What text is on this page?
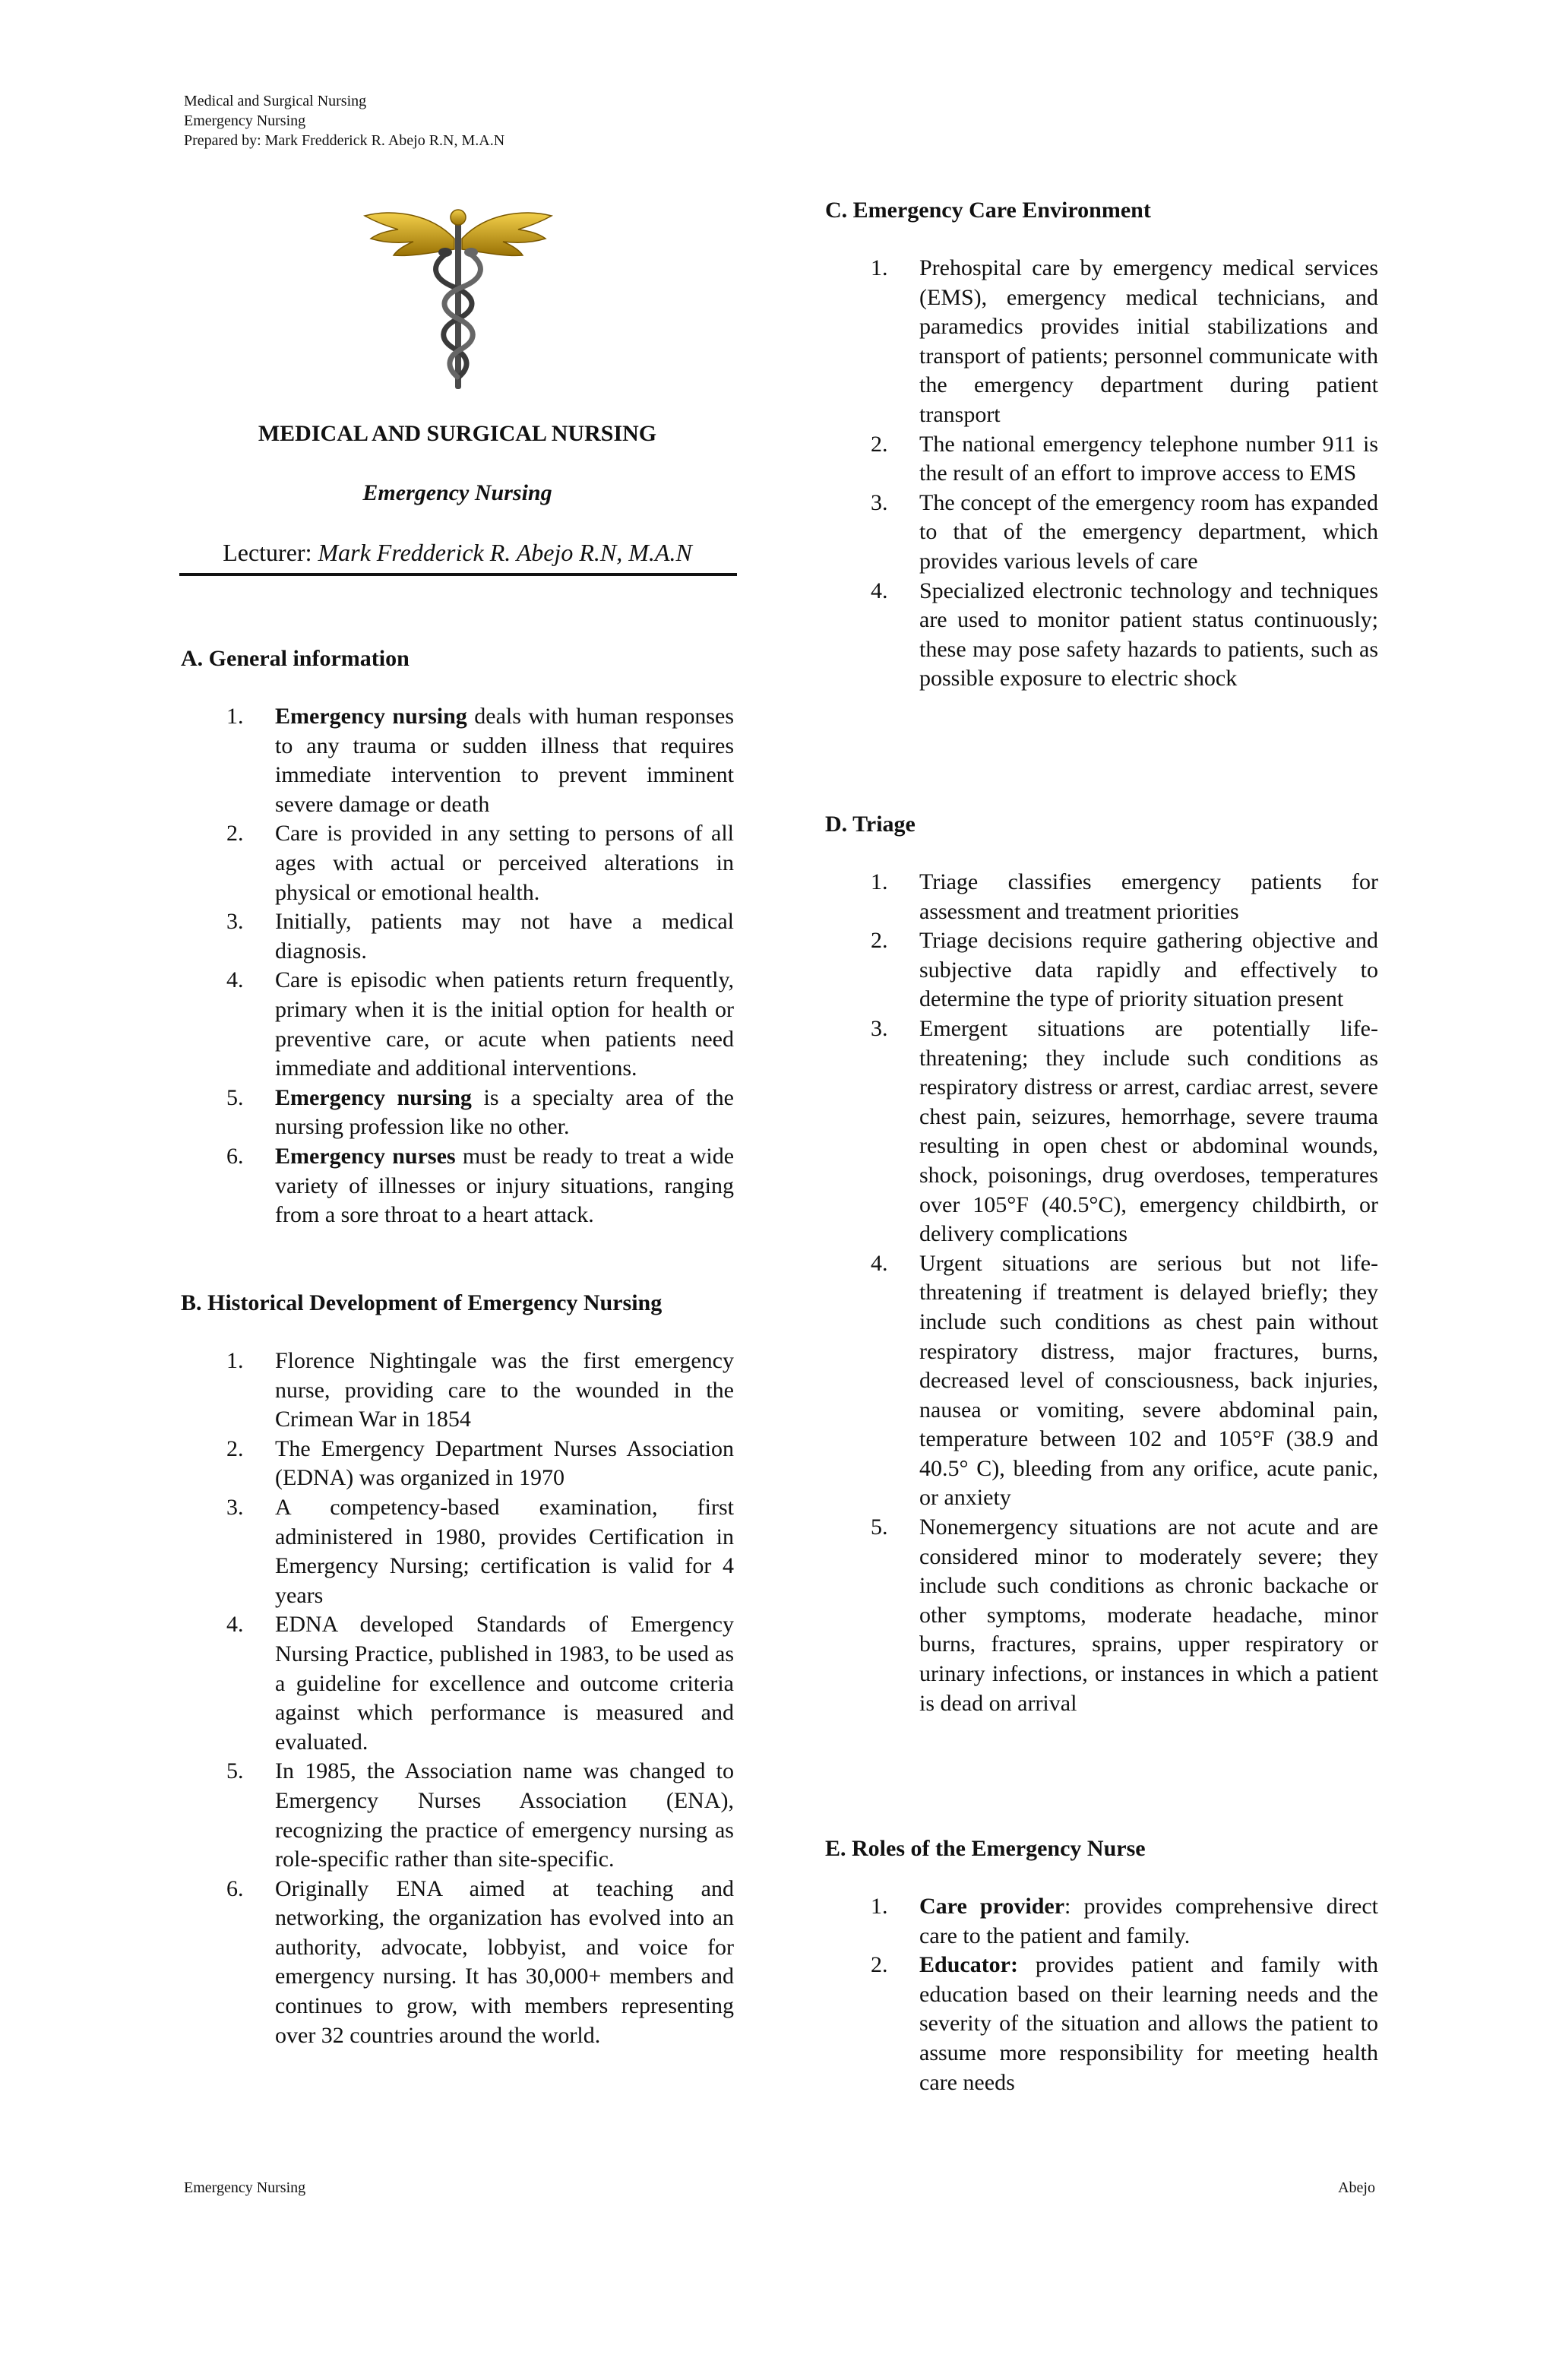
Medical and Surgical Nursing
Emergency Nursing
Prepared by: Mark Fredderick R. Abejo R.N, M.A.N
MEDICAL AND SURGICAL NURSING
Emergency Nursing
Lecturer: Mark Fredderick R. Abejo R.N, M.A.N
A. General information
1. Emergency nursing deals with human responses to any trauma or sudden illness that requires immediate intervention to prevent imminent severe damage or death
2. Care is provided in any setting to persons of all ages with actual or perceived alterations in physical or emotional health.
3. Initially, patients may not have a medical diagnosis.
4. Care is episodic when patients return frequently, primary when it is the initial option for health or preventive care, or acute when patients need immediate and additional interventions.
5. Emergency nursing is a specialty area of the nursing profession like no other.
6. Emergency nurses must be ready to treat a wide variety of illnesses or injury situations, ranging from a sore throat to a heart attack.
B. Historical Development of Emergency Nursing
1. Florence Nightingale was the first emergency nurse, providing care to the wounded in the Crimean War in 1854
2. The Emergency Department Nurses Association (EDNA) was organized in 1970
3. A competency-based examination, first administered in 1980, provides Certification in Emergency Nursing; certification is valid for 4 years
4. EDNA developed Standards of Emergency Nursing Practice, published in 1983, to be used as a guideline for excellence and outcome criteria against which performance is measured and evaluated.
5. In 1985, the Association name was changed to Emergency Nurses Association (ENA), recognizing the practice of emergency nursing as role-specific rather than site-specific.
6. Originally ENA aimed at teaching and networking, the organization has evolved into an authority, advocate, lobbyist, and voice for emergency nursing. It has 30,000+ members and continues to grow, with members representing over 32 countries around the world.
C. Emergency Care Environment
1. Prehospital care by emergency medical services (EMS), emergency medical technicians, and paramedics provides initial stabilizations and transport of patients; personnel communicate with the emergency department during patient transport
2. The national emergency telephone number 911 is the result of an effort to improve access to EMS
3. The concept of the emergency room has expanded to that of the emergency department, which provides various levels of care
4. Specialized electronic technology and techniques are used to monitor patient status continuously; these may pose safety hazards to patients, such as possible exposure to electric shock
D. Triage
1. Triage classifies emergency patients for assessment and treatment priorities
2. Triage decisions require gathering objective and subjective data rapidly and effectively to determine the type of priority situation present
3. Emergent situations are potentially life-threatening; they include such conditions as respiratory distress or arrest, cardiac arrest, severe chest pain, seizures, hemorrhage, severe trauma resulting in open chest or abdominal wounds, shock, poisonings, drug overdoses, temperatures over 105°F (40.5°C), emergency childbirth, or delivery complications
4. Urgent situations are serious but not life-threatening if treatment is delayed briefly; they include such conditions as chest pain without respiratory distress, major fractures, burns, decreased level of consciousness, back injuries, nausea or vomiting, severe abdominal pain, temperature between 102 and 105°F (38.9 and 40.5° C), bleeding from any orifice, acute panic, or anxiety
5. Nonemergency situations are not acute and are considered minor to moderately severe; they include such conditions as chronic backache or other symptoms, moderate headache, minor burns, fractures, sprains, upper respiratory or urinary infections, or instances in which a patient is dead on arrival
E. Roles of the Emergency Nurse
1. Care provider: provides comprehensive direct care to the patient and family.
2. Educator: provides patient and family with education based on their learning needs and the severity of the situation and allows the patient to assume more responsibility for meeting health care needs
Emergency Nursing	Abejo
